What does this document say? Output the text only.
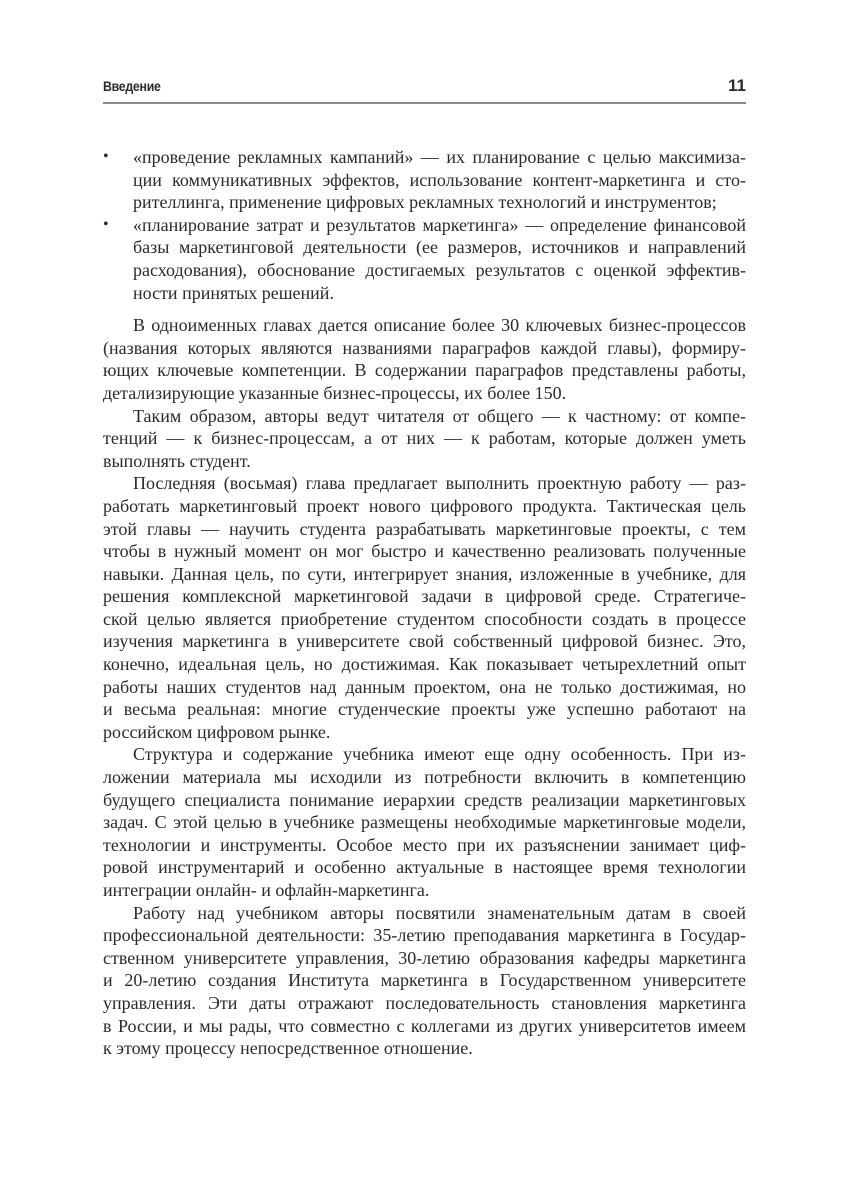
Введение	11
• «проведение рекламных кампаний» — их планирование с целью максимиза-
ции коммуникативных эффектов, использование контент-маркетинга и сто-
рителлинга, применение цифровых рекламных технологий и инструментов;
• «планирование затрат и результатов маркетинга» — определение финансовой
базы маркетинговой деятельности (ее размеров, источников и направлений
расходования), обоснование достигаемых результатов с оценкой эффектив-
ности принятых решений.
В одноименных главах дается описание более 30 ключевых бизнес-процессов
(названия которых являются названиями параграфов каждой главы), формиру-
ющих ключевые компетенции. В содержании параграфов представлены работы,
детализирующие указанные бизнес-процессы, их более 150.
Таким образом, авторы ведут читателя от общего — к частному: от компе-
тенций — к бизнес-процессам, а от них — к работам, которые должен уметь
выполнять студент.
Последняя (восьмая) глава предлагает выполнить проектную работу — раз-
работать маркетинговый проект нового цифрового продукта. Тактическая цель
этой главы — научить студента разрабатывать маркетинговые проекты, с тем
чтобы в нужный момент он мог быстро и качественно реализовать полученные
навыки. Данная цель, по сути, интегрирует знания, изложенные в учебнике, для
решения комплексной маркетинговой задачи в цифровой среде. Стратегиче-
ской целью является приобретение студентом способности создать в процессе
изучения маркетинга в университете свой собственный цифровой бизнес. Это,
конечно, идеальная цель, но достижимая. Как показывает четырехлетний опыт
работы наших студентов над данным проектом, она не только достижимая, но
и весьма реальная: многие студенческие проекты уже успешно работают на
российском цифровом рынке.
Структура и содержание учебника имеют еще одну особенность. При из-
ложении материала мы исходили из потребности включить в компетенцию
будущего специалиста понимание иерархии средств реализации маркетинговых
задач. С этой целью в учебнике размещены необходимые маркетинговые модели,
технологии и инструменты. Особое место при их разъяснении занимает циф-
ровой инструментарий и особенно актуальные в настоящее время технологии
интеграции онлайн- и офлайн-маркетинга.
Работу над учебником авторы посвятили знаменательным датам в своей
профессиональной деятельности: 35-летию преподавания маркетинга в Государ-
ственном университете управления, 30-летию образования кафедры маркетинга
и 20-летию создания Института маркетинга в Государственном университете
управления. Эти даты отражают последовательность становления маркетинга
в России, и мы рады, что совместно с коллегами из других университетов имеем
к этому процессу непосредственное отношение.
